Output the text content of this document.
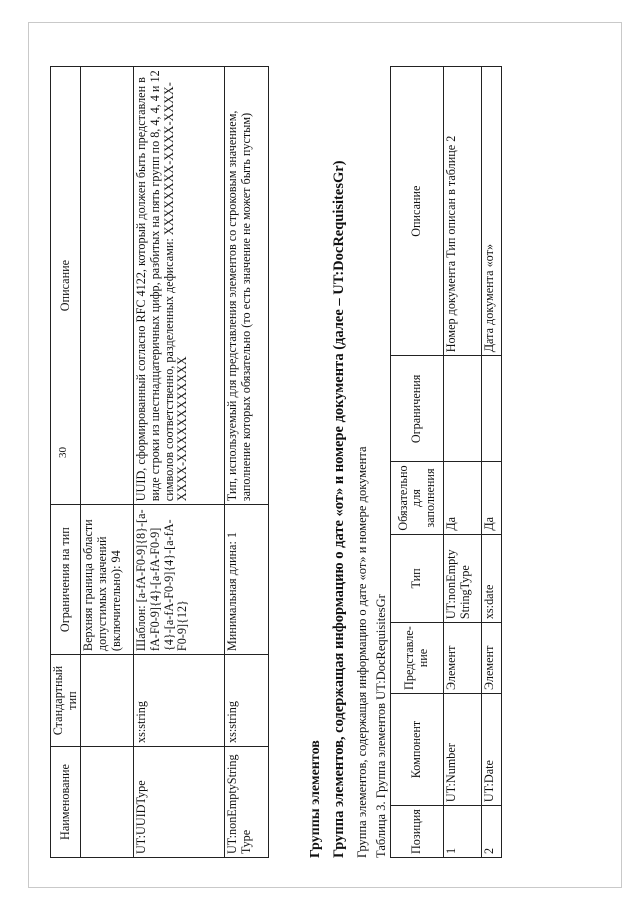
30
Наименование	Стандартный тип	Ограничения на тип	Описание
		Верхняя граница области допустимых значений (включительно): 94	
UT:UUIDType	xs:string	Шаблон: [a-fA-F0-9]{8}-[a-fA-F0-9]{4}-[a-fA-F0-9]{4}-[a-fA-F0-9]{4}-[a-fA-F0-9]{12}	UUID, сформированный согласно RFC 4122, который должен быть представлен в виде строки из шестнадцатеричных цифр, разбитых на пять групп по 8, 4, 4, 4 и 12 символов соответственно, разделенных дефисами: XXXXXXXX-XXXX-XXXX-XXXX-XXXXXXXXXXXX
UT:nonEmptyString Type	xs:string	Минимальная длина: 1	Тип, используемый для представления элементов со строковым значением, заполнение которых обязательно (то есть значение не может быть пустым)
Группы элементов Группа элементов, содержащая информацию о дате «от» и номере документа (далее – UT:DocRequisitesGr) Группа элементов, содержащая информацию о дате «от» и номере документа Таблица 3. Группа элементов UT:DocRequisitesGr Позиция	Компонент	Представле-ние	Тип	Обязательно для заполнения	Ограничения	Описание
1	UT:Number	Элемент	UT:nonEmpty StringType	Да		Номер документа Тип описан в таблице 2
2	UT:Date	Элемент	xs:date	Да		Дата документа «от»
